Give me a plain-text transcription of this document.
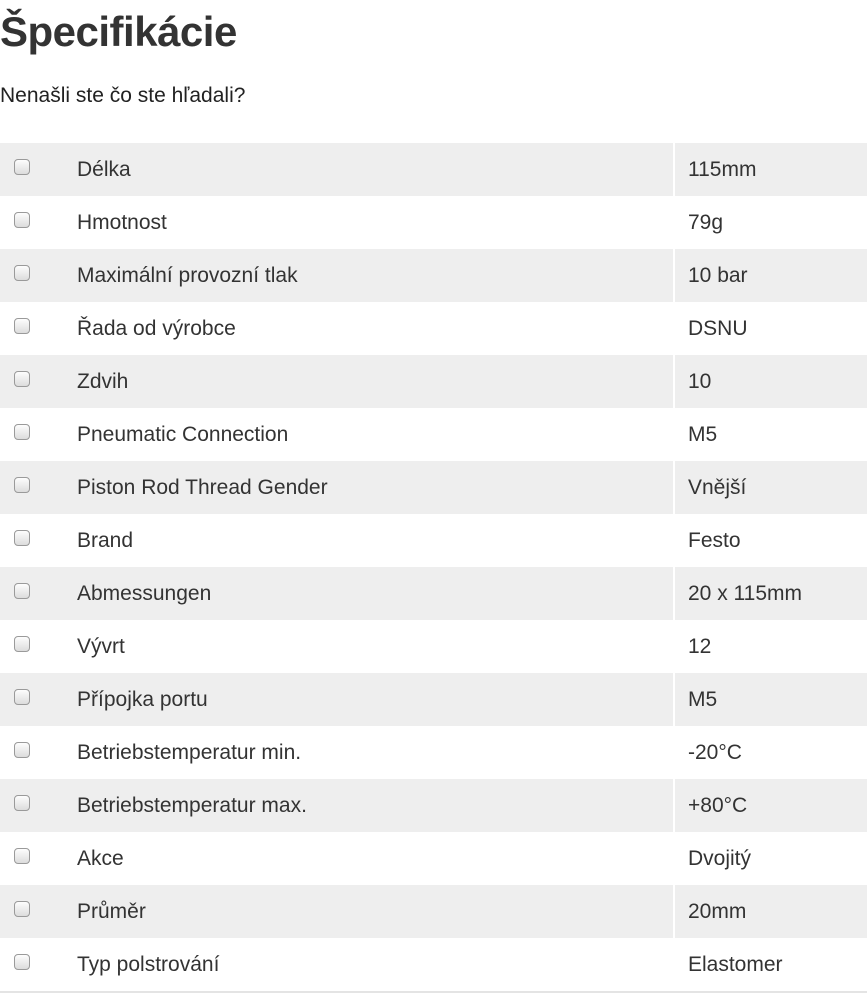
Špecifikácie

Nenašli ste čo ste hľadali?

	Délka	115mm
	Hmotnost	79g
	Maximální provozní tlak	10 bar
	Řada od výrobce	DSNU
	Zdvih	10
	Pneumatic Connection	M5
	Piston Rod Thread Gender	Vnější
	Brand	Festo
	Abmessungen	20 x 115mm
	Vývrt	12
	Přípojka portu	M5
	Betriebstemperatur min.	-20°C
	Betriebstemperatur max.	+80°C
	Akce	Dvojitý
	Průměr	20mm
	Typ polstrování	Elastomer
